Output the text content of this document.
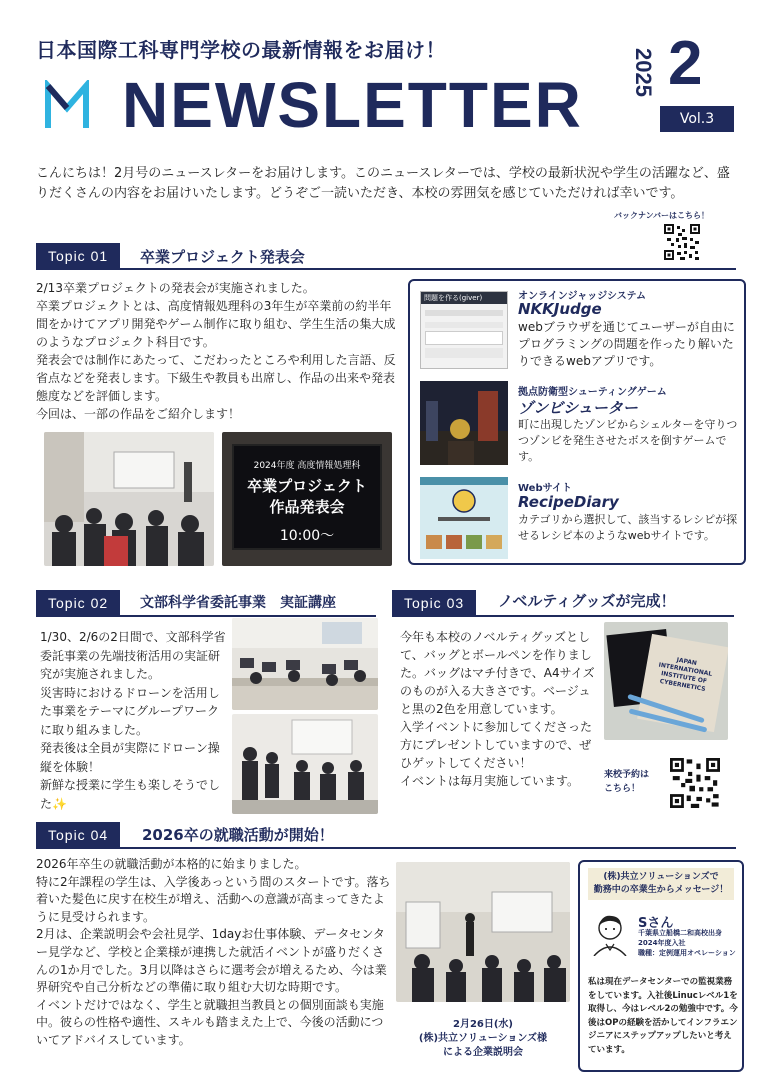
日本国際工科専門学校の最新情報をお届け！
NEWSLETTER 2025 2
Vol.3
こんにちは！2月号のニュースレターをお届けします。このニュースレターでは、学校の最新状況や学生の活躍など、盛りだくさんの内容をお届けいたします。どうぞご一読いただき、本校の雰囲気を感じていただければ幸いです。
バックナンバーはこちら！
Topic 01	卒業プロジェクト発表会

2/13卒業プロジェクトの発表会が実施されました。

卒業プロジェクトとは、高度情報処理科の3年生が卒業前の約半年間をかけてアプリ開発やゲーム制作に取り組む、学生生活の集大成のようなプロジェクト科目です。

発表会では制作にあたって、こだわったところや利用した言語、反省点などを発表します。下級生や教員も出席し、作品の出来や発表態度などを評価します。

今回は、一部の作品をご紹介します！

2024年度 高度情報処理科
卒業プロジェクト
作品発表会
10:00〜
問題を作る(giver)	オンラインジャッジシステム
NKKJudge
webブラウザを通じてユーザーが自由にプログラミングの問題を作ったり解いたりできるwebアプリです。
拠点防衛型シューティングゲーム
ゾンビシューター
町に出現したゾンビからシェルターを守りつつゾンビを発生させたボスを倒すゲームです。
Webサイト
RecipeDiary
カテゴリから選択して、該当するレシピが探せるレシピ本のようなwebサイトです。
Topic 02	文部科学省委託事業　実証講座

1/30、2/6の2日間で、文部科学省委託事業の先端技術活用の実証研究が実施されました。

災害時におけるドローンを活用した事業をテーマにグループワークに取り組みました。

発表後は全員が実際にドローン操縦を体験！

新鮮な授業に学生も楽しそうでした✨

Topic 03	ノベルティグッズが完成！

今年も本校のノベルティグッズとして、バッグとボールペンを作りました。バッグはマチ付きで、A4サイズのものが入る大きさです。ベージュと黒の2色を用意しています。

入学イベントに参加してくださった方にプレゼントしていますので、ぜひゲットしてください！

イベントは毎月実施しています。

JAPAN INTERNATIONAL INSTITUTE OF CYBERNETICS
来校予約は
こちら！
Topic 04	2026卒の就職活動が開始！

2026年卒生の就職活動が本格的に始まりました。

特に2年課程の学生は、入学後あっという間のスタートです。落ち着いた髪色に戻す在校生が増え、活動への意識が高まってきたように見受けられます。

2月は、企業説明会や会社見学、1dayお仕事体験、データセンター見学など、学校と企業様が連携した就活イベントが盛りだくさんの1か月でした。3月以降はさらに選考会が増えるため、今は業界研究や自己分析などの準備に取り組む大切な時期です。

イベントだけではなく、学生と就職担当教員との個別面談も実施中。彼らの性格や適性、スキルも踏まえた上で、今後の活動についてアドバイスしています。

2月26日(水)
(株)共立ソリューションズ様
による企業説明会
(株)共立ソリューションズで
勤務中の卒業生からメッセージ！
Sさん
千葉県立船橋二和高校出身
2024年度入社
職種：定例運用オペレーション
私は現在データセンターでの監視業務をしています。入社後Linucレベル1を取得し、今はレベル2の勉強中です。今後はOPの経験を活かしてインフラエンジニアにステップアップしたいと考えています。
